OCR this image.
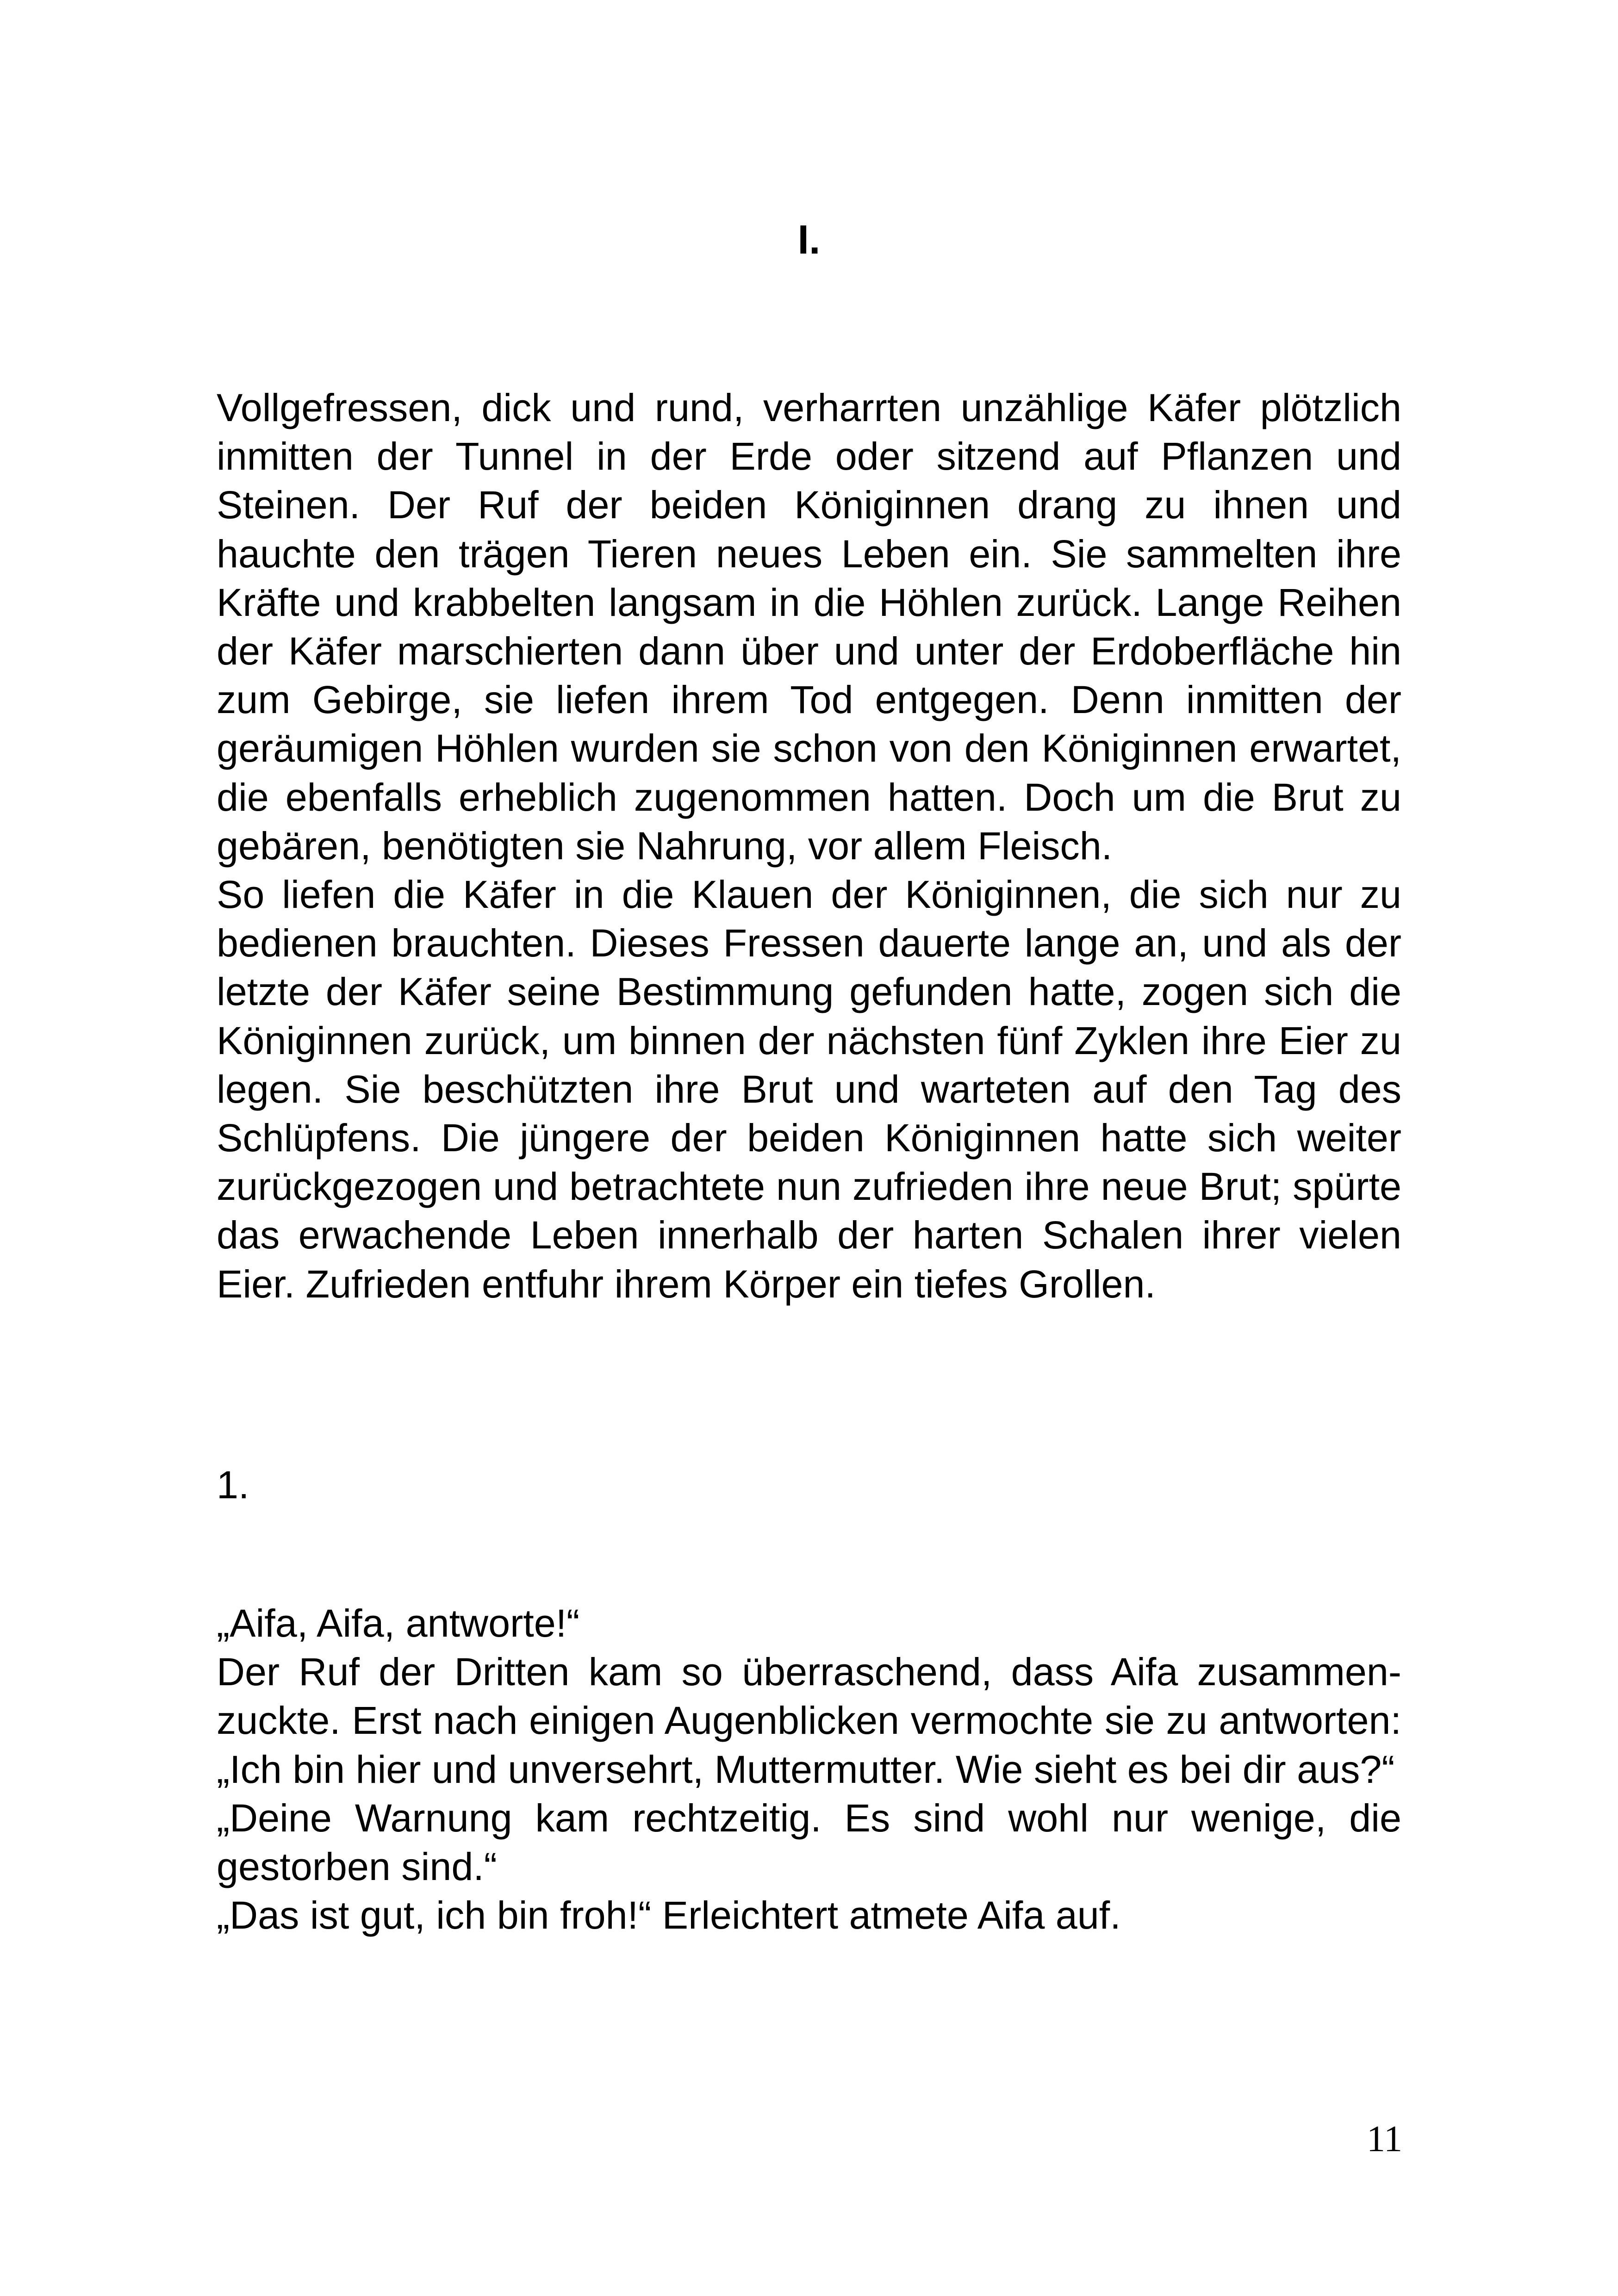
I.

Vollgefressen, dick und rund, verharrten unzählige Käfer plötzlich inmitten der Tunnel in der Erde oder sitzend auf Pflanzen und Steinen. Der Ruf der beiden Königinnen drang zu ihnen und hauchte den trägen Tieren neues Leben ein. Sie sammelten ihre Kräfte und krabbelten langsam in die Höhlen zurück. Lange Reihen der Käfer marschierten dann über und unter der Erdoberfläche hin zum Gebirge, sie liefen ihrem Tod entgegen. Denn inmitten der geräumigen Höhlen wurden sie schon von den Königinnen erwartet, die ebenfalls erheblich zugenommen hatten. Doch um die Brut zu gebären, benötigten sie Nahrung, vor allem Fleisch.

So liefen die Käfer in die Klauen der Königinnen, die sich nur zu bedienen brauchten. Dieses Fressen dauerte lange an, und als der letzte der Käfer seine Bestimmung gefunden hatte, zogen sich die Königinnen zurück, um binnen der nächsten fünf Zyklen ihre Eier zu legen. Sie beschützten ihre Brut und warteten auf den Tag des Schlüpfens. Die jüngere der beiden Königinnen hatte sich weiter zurückgezogen und betrachtete nun zufrieden ihre neue Brut; spürte das erwachende Leben innerhalb der harten Schalen ihrer vielen Eier. Zufrieden entfuhr ihrem Körper ein tiefes Grollen.

1.

„Aifa, Aifa, antworte!“

Der Ruf der Dritten kam so überraschend, dass Aifa zusammen-zuckte. Erst nach einigen Augenblicken vermochte sie zu antworten: „Ich bin hier und unversehrt, Muttermutter. Wie sieht es bei dir aus?“

„Deine Warnung kam rechtzeitig. Es sind wohl nur wenige, die gestorben sind.“

„Das ist gut, ich bin froh!“ Erleichtert atmete Aifa auf.

11
